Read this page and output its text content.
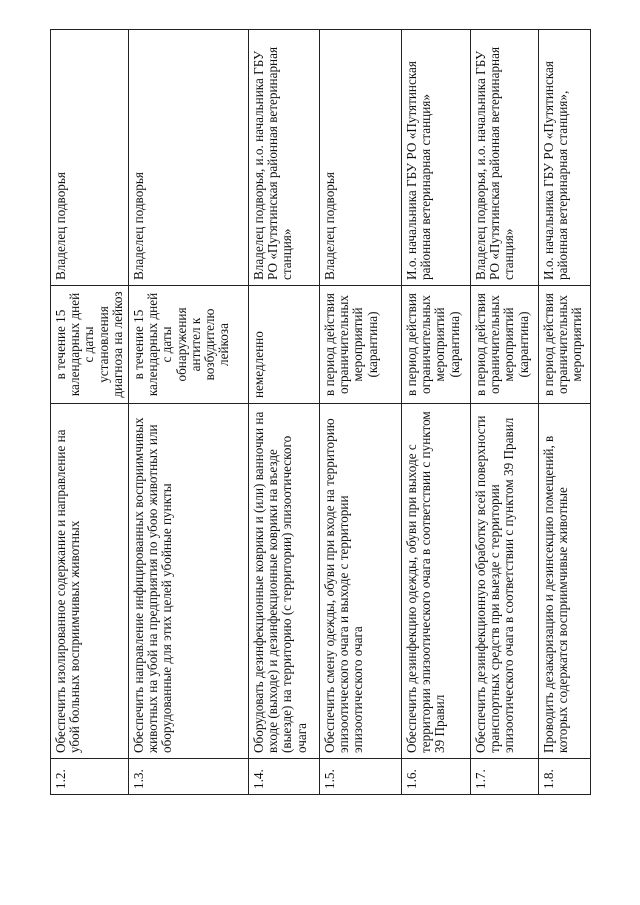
1.2.	Обеспечить изолированное содержание и направление на убой больных восприимчивых животных	в течение 15 календарных дней с даты установления диагноза на лейкоз	Владелец подворья
1.3.	Обеспечить направление инфицированных восприимчивых животных на убой на предприятия по убою животных или оборудованные для этих целей убойные пункты	в течение 15 календарных дней с даты обнаружения антител к возбудителю лейкоза	Владелец подворья
1.4.	Оборудовать дезинфекционные коврики и (или) ванночки на входе (выходе) и дезинфекционные коврики на въезде (выезде) на территорию (с территории) эпизоотического очага	немедленно	Владелец подворья, и.о. начальника ГБУ РО «Путятинская районная ветеринарная станция»
1.5.	Обеспечить смену одежды, обуви при входе на территорию эпизоотического очага и выходе с территории эпизоотического очага	в период действия ограничительных мероприятий (карантина)	Владелец подворья
1.6.	Обеспечить дезинфекцию одежды, обуви при выходе с территории эпизоотического очага в соответствии с пунктом 39 Правил	в период действия ограничительных мероприятий (карантина)	И.о. начальника ГБУ РО «Путятинская районная ветеринарная станция»
1.7.	Обеспечить дезинфекционную обработку всей поверхности транспортных средств при выезде с территории эпизоотического очага в соответствии с пунктом 39 Правил	в период действия ограничительных мероприятий (карантина)	Владелец подворья, и.о. начальника ГБУ РО «Путятинская районная ветеринарная станция»
1.8.	Проводить дезакаризацию и дезинсекцию помещений, в которых содержатся восприимчивые животные	в период действия ограничительных мероприятий	И.о. начальника ГБУ РО «Путятинская районная ветеринарная станция»,
